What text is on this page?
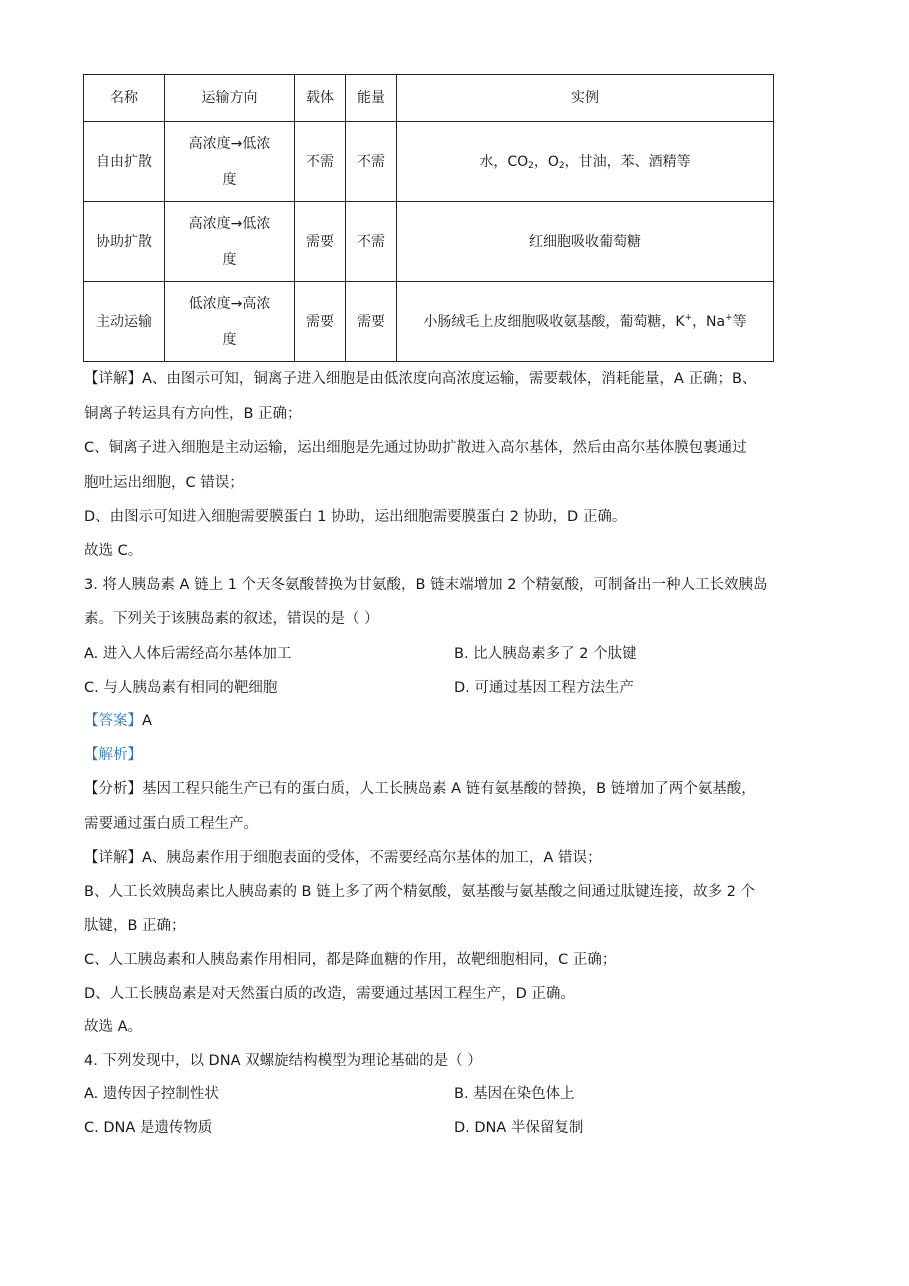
名称	运输方向	载体	能量	实例
自由扩散	高浓度→低浓 度	不需	不需	水，$CO_2$，$O_2$，甘油，苯、酒精等
协助扩散	高浓度→低浓 度	需要	不需	红细胞吸收葡萄糖
主动运输	低浓度→高浓 度	需要	需要	小肠绒毛上皮细胞吸收氨基酸，葡萄糖，K+，Na+等
【详解】A、由图示可知，铜离子进入细胞是由低浓度向高浓度运输，需要载体，消耗能量，A 正确；B、
铜离子转运具有方向性，B 正确；
C、铜离子进入细胞是主动运输，运出细胞是先通过协助扩散进入高尔基体，然后由高尔基体膜包裹通过
胞吐运出细胞，C 错误；
D、由图示可知进入细胞需要膜蛋白 1 协助，运出细胞需要膜蛋白 2 协助，D 正确。
故选 C。
3. 将人胰岛素 A 链上 1 个天冬氨酸替换为甘氨酸，B 链末端增加 2 个精氨酸，可制备出一种人工长效胰岛
素。下列关于该胰岛素的叙述，错误的是（ ）
A. 进入人体后需经高尔基体加工	B. 比人胰岛素多了 2 个肽键
C. 与人胰岛素有相同的靶细胞	D. 可通过基因工程方法生产
【答案】A
【解析】
【分析】基因工程只能生产已有的蛋白质，人工长胰岛素 A 链有氨基酸的替换，B 链增加了两个氨基酸，
需要通过蛋白质工程生产。
【详解】A、胰岛素作用于细胞表面的受体，不需要经高尔基体的加工，A 错误；
B、人工长效胰岛素比人胰岛素的 B 链上多了两个精氨酸，氨基酸与氨基酸之间通过肽键连接，故多 2 个
肽键，B 正确；
C、人工胰岛素和人胰岛素作用相同，都是降血糖的作用，故靶细胞相同，C 正确；
D、人工长胰岛素是对天然蛋白质的改造，需要通过基因工程生产，D 正确。
故选 A。
4. 下列发现中，以 DNA 双螺旋结构模型为理论基础的是（ ）
A. 遗传因子控制性状	B. 基因在染色体上
C. DNA 是遗传物质	D. DNA 半保留复制
